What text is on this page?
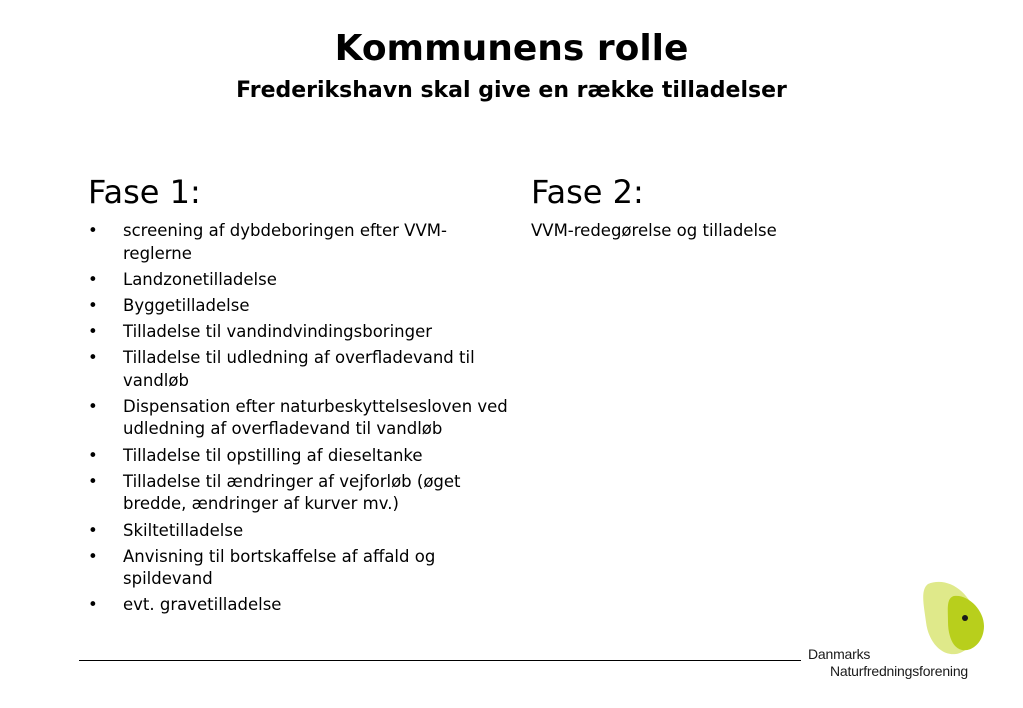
Kommunens rolle
Frederikshavn skal give en række tilladelser
Fase 1:
• screening af dybdeboringen efter VVM-reglerne
• Landzonetilladelse
• Byggetilladelse
• Tilladelse til vandindvindingsboringer
• Tilladelse til udledning af overfladevand til vandløb
• Dispensation efter naturbeskyttelsesloven ved udledning af overfladevand til vandløb
• Tilladelse til opstilling af dieseltanke
• Tilladelse til ændringer af vejforløb (øget bredde, ændringer af kurver mv.)
• Skiltetilladelse
• Anvisning til bortskaffelse af affald og spildevand
• evt. gravetilladelse
Fase 2:

VVM-redegørelse og tilladelse

Danmarks
Naturfredningsforening
